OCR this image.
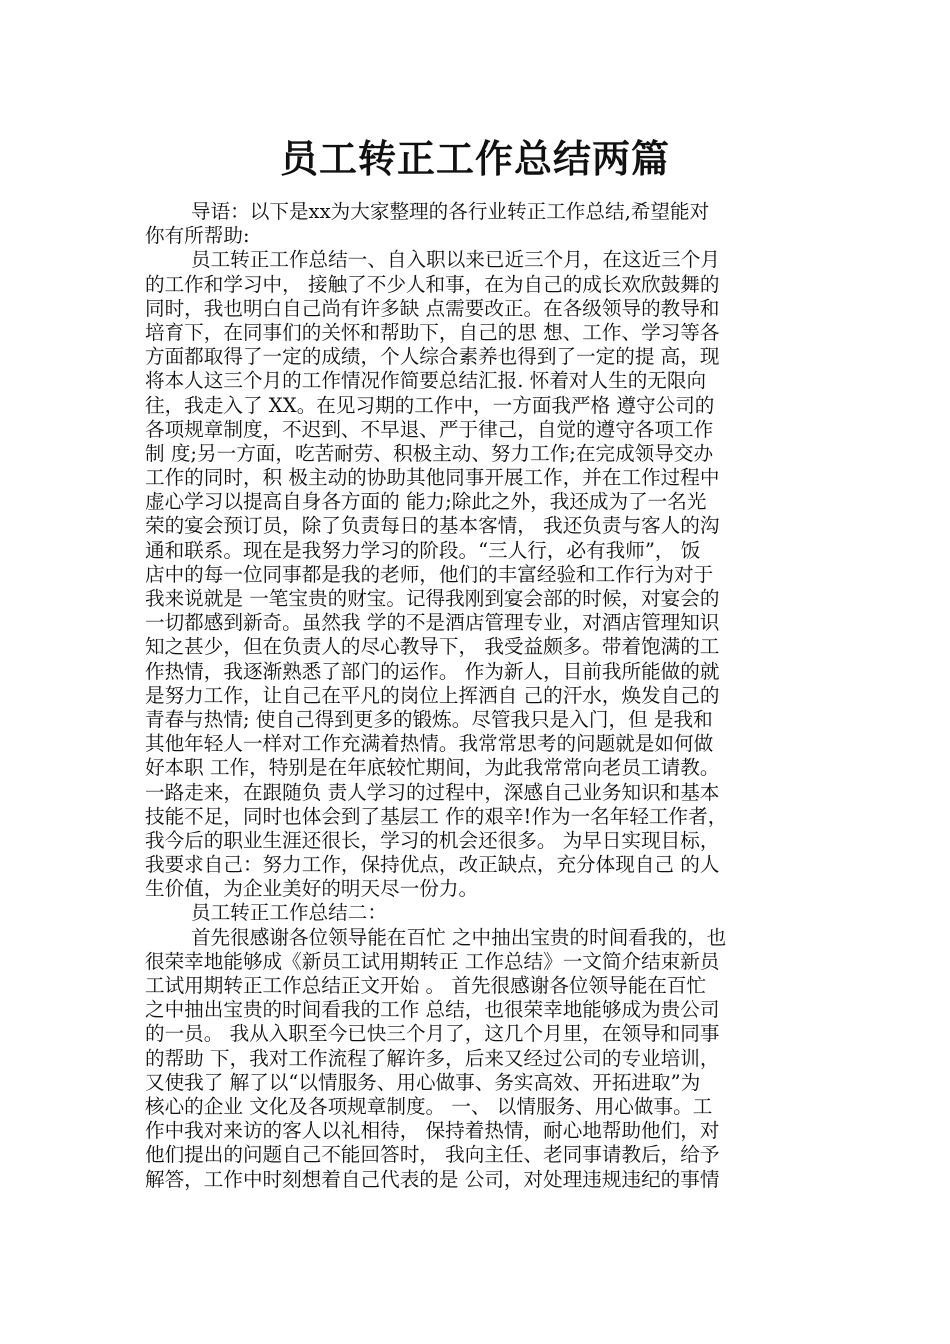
员工转正工作总结两篇
导语：以下是xx为大家整理的各行业转正工作总结,希望能对
你有所帮助:
员工转正工作总结一、自入职以来已近三个月，在这近三个月
的工作和学习中， 接触了不少人和事，在为自己的成长欢欣鼓舞的
同时，我也明白自己尚有许多缺 点需要改正。在各级领导的教导和
培育下，在同事们的关怀和帮助下，自己的思 想、工作、学习等各
方面都取得了一定的成绩，个人综合素养也得到了一定的提 高，现
将本人这三个月的工作情况作简要总结汇报. 怀着对人生的无限向
往，我走入了 XX。在见习期的工作中，一方面我严格 遵守公司的
各项规章制度，不迟到、不早退、严于律己，自觉的遵守各项工作
制 度;另一方面，吃苦耐劳、积极主动、努力工作;在完成领导交办
工作的同时，积 极主动的协助其他同事开展工作，并在工作过程中
虚心学习以提高自身各方面的 能力;除此之外，我还成为了一名光
荣的宴会预订员，除了负责每日的基本客情， 我还负责与客人的沟
通和联系。现在是我努力学习的阶段。“三人行，必有我师”， 饭
店中的每一位同事都是我的老师，他们的丰富经验和工作行为对于
我来说就是 一笔宝贵的财宝。记得我刚到宴会部的时候，对宴会的
一切都感到新奇。虽然我 学的不是酒店管理专业，对酒店管理知识
知之甚少，但在负责人的尽心教导下， 我受益颇多。带着饱满的工
作热情，我逐渐熟悉了部门的运作。 作为新人，目前我所能做的就
是努力工作，让自己在平凡的岗位上挥洒自 己的汗水，焕发自己的
青春与热情; 使自己得到更多的锻炼。尽管我只是入门，但 是我和
其他年轻人一样对工作充满着热情。我常常思考的问题就是如何做
好本职 工作，特别是在年底较忙期间，为此我常常向老员工请教。
一路走来，在跟随负 责人学习的过程中，深感自己业务知识和基本
技能不足，同时也体会到了基层工 作的艰辛!作为一名年轻工作者，
我今后的职业生涯还很长，学习的机会还很多。 为早日实现目标，
我要求自己：努力工作，保持优点，改正缺点，充分体现自己 的人
生价值，为企业美好的明天尽一份力。
员工转正工作总结二：
首先很感谢各位领导能在百忙 之中抽出宝贵的时间看我的，也
很荣幸地能够成《新员工试用期转正 工作总结》一文简介结束新员
工试用期转正工作总结正文开始 。 首先很感谢各位领导能在百忙
之中抽出宝贵的时间看我的工作 总结，也很荣幸地能够成为贵公司
的一员。 我从入职至今已快三个月了，这几个月里，在领导和同事
的帮助 下，我对工作流程了解许多，后来又经过公司的专业培训，
又使我了 解了以“以情服务、用心做事、务实高效、开拓进取”为
核心的企业 文化及各项规章制度。 一、 以情服务、用心做事。工
作中我对来访的客人以礼相待， 保持着热情，耐心地帮助他们，对
他们提出的问题自己不能回答时， 我向主任、老同事请教后，给予
解答，工作中时刻想着自己代表的是 公司，对处理违规违纪的事情
